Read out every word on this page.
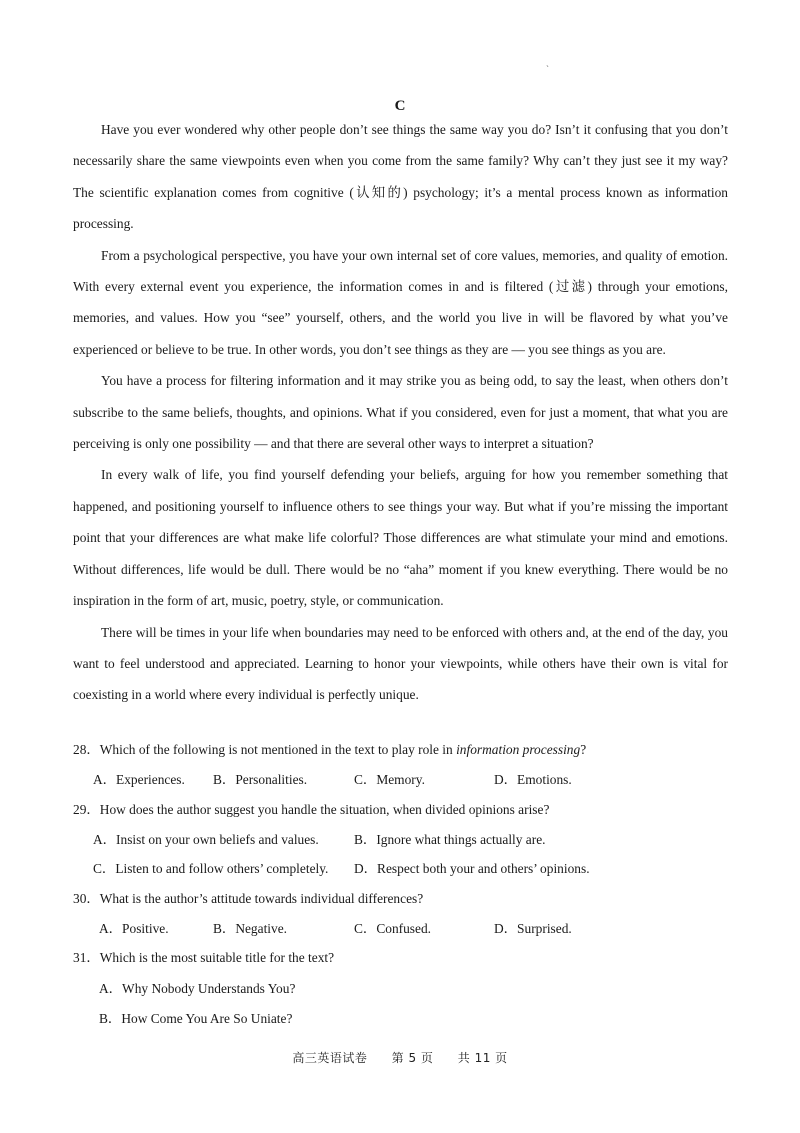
`
C

Have you ever wondered why other people don’t see things the same way you do? Isn’t it confusing that you don’t necessarily share the same viewpoints even when you come from the same family? Why can’t they just see it my way? The scientific explanation comes from cognitive (认知的) psychology; it’s a mental process known as information processing.

From a psychological perspective, you have your own internal set of core values, memories, and quality of emotion. With every external event you experience, the information comes in and is filtered (过滤) through your emotions, memories, and values. How you “see” yourself, others, and the world you live in will be flavored by what you’ve experienced or believe to be true. In other words, you don’t see things as they are — you see things as you are.

You have a process for filtering information and it may strike you as being odd, to say the least, when others don’t subscribe to the same beliefs, thoughts, and opinions. What if you considered, even for just a moment, that what you are perceiving is only one possibility — and that there are several other ways to interpret a situation?

In every walk of life, you find yourself defending your beliefs, arguing for how you remember something that happened, and positioning yourself to influence others to see things your way. But what if you’re missing the important point that your differences are what make life colorful? Those differences are what stimulate your mind and emotions. Without differences, life would be dull. There would be no “aha” moment if you knew everything. There would be no inspiration in the form of art, music, poetry, style, or communication.

There will be times in your life when boundaries may need to be enforced with others and, at the end of the day, you want to feel understood and appreciated. Learning to honor your viewpoints, while others have their own is vital for coexisting in a world where every individual is perfectly unique.

28．Which of the following is not mentioned in the text to play role in information processing?
A．Experiences. B．Personalities.	C．Memory.	D．Emotions.
29．How does the author suggest you handle the situation, when divided opinions arise?
A．Insist on your own beliefs and values.	B．Ignore what things actually are.
C．Listen to and follow others’ completely. D．Respect both your and others’ opinions.
30．What is the author’s attitude towards individual differences?
A．Positive.	B．Negative.	C．Confused.	D．Surprised.
31．Which is the most suitable title for the text?
A．Why Nobody Understands You?
B．How Come You Are So Uniate?
高三英语试卷 第 5 页 共 11 页
